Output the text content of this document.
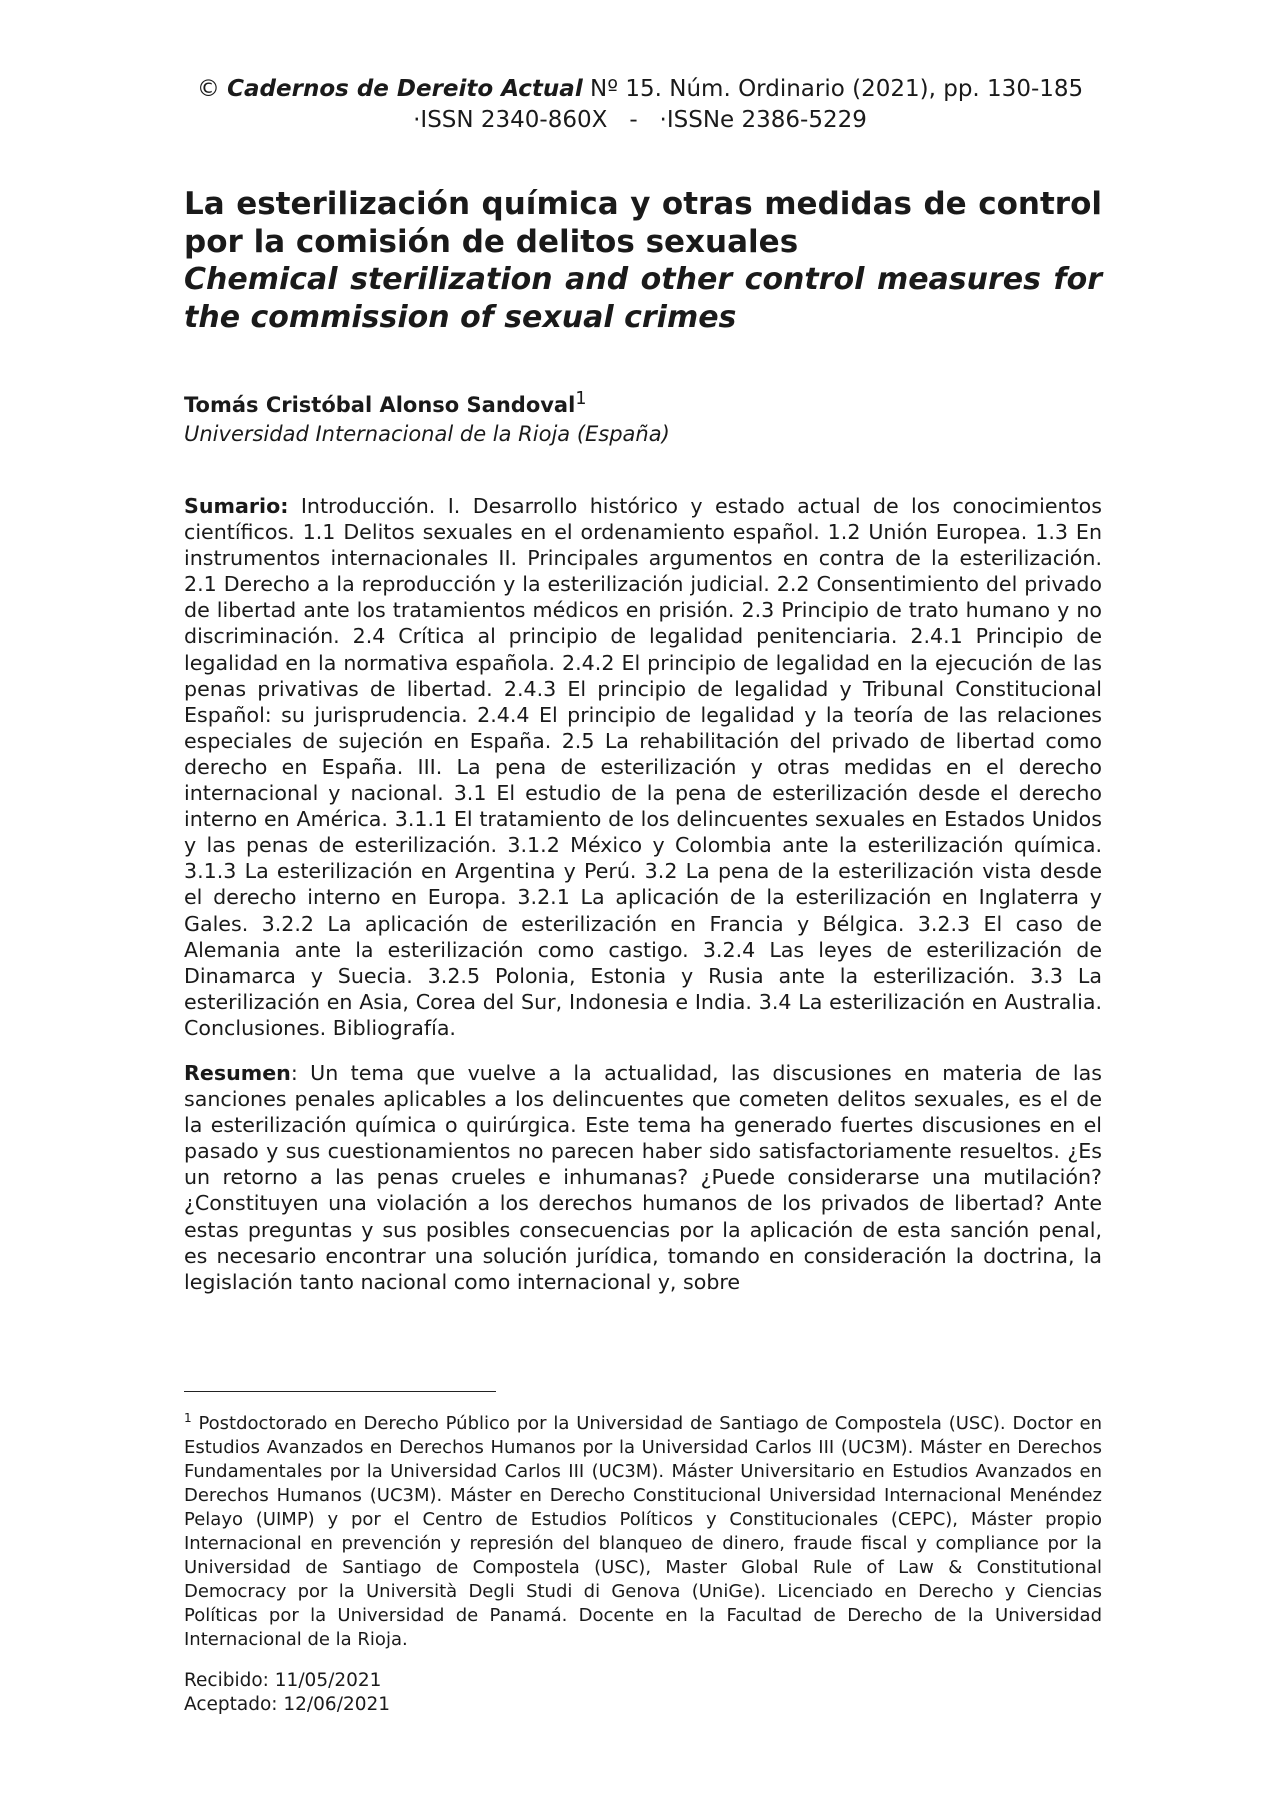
© Cadernos de Dereito Actual Nº 15. Núm. Ordinario (2021), pp. 130-185
·ISSN 2340-860X   -   ·ISSNe 2386-5229
La esterilización química y otras medidas de control por la comisión de delitos sexuales
Chemical sterilization and other control measures for the commission of sexual crimes
Tomás Cristóbal Alonso Sandoval$^1$
Universidad Internacional de la Rioja (España)

Sumario: Introducción. I. Desarrollo histórico y estado actual de los conocimientos científicos. 1.1 Delitos sexuales en el ordenamiento español. 1.2 Unión Europea. 1.3 En instrumentos internacionales II. Principales argumentos en contra de la esterilización. 2.1 Derecho a la reproducción y la esterilización judicial. 2.2 Consentimiento del privado de libertad ante los tratamientos médicos en prisión. 2.3 Principio de trato humano y no discriminación. 2.4 Crítica al principio de legalidad penitenciaria. 2.4.1 Principio de legalidad en la normativa española. 2.4.2 El principio de legalidad en la ejecución de las penas privativas de libertad. 2.4.3 El principio de legalidad y Tribunal Constitucional Español: su jurisprudencia. 2.4.4 El principio de legalidad y la teoría de las relaciones especiales de sujeción en España. 2.5 La rehabilitación del privado de libertad como derecho en España. III. La pena de esterilización y otras medidas en el derecho internacional y nacional. 3.1 El estudio de la pena de esterilización desde el derecho interno en América. 3.1.1 El tratamiento de los delincuentes sexuales en Estados Unidos y las penas de esterilización. 3.1.2 México y Colombia ante la esterilización química. 3.1.3 La esterilización en Argentina y Perú. 3.2 La pena de la esterilización vista desde el derecho interno en Europa. 3.2.1 La aplicación de la esterilización en Inglaterra y Gales. 3.2.2 La aplicación de esterilización en Francia y Bélgica. 3.2.3 El caso de Alemania ante la esterilización como castigo. 3.2.4 Las leyes de esterilización de Dinamarca y Suecia. 3.2.5 Polonia, Estonia y Rusia ante la esterilización. 3.3 La esterilización en Asia, Corea del Sur, Indonesia e India. 3.4 La esterilización en Australia. Conclusiones. Bibliografía.

Resumen: Un tema que vuelve a la actualidad, las discusiones en materia de las sanciones penales aplicables a los delincuentes que cometen delitos sexuales, es el de la esterilización química o quirúrgica. Este tema ha generado fuertes discusiones en el pasado y sus cuestionamientos no parecen haber sido satisfactoriamente resueltos. ¿Es un retorno a las penas crueles e inhumanas? ¿Puede considerarse una mutilación? ¿Constituyen una violación a los derechos humanos de los privados de libertad? Ante estas preguntas y sus posibles consecuencias por la aplicación de esta sanción penal, es necesario encontrar una solución jurídica, tomando en consideración la doctrina, la legislación tanto nacional como internacional y, sobre

$^1$ Postdoctorado en Derecho Público por la Universidad de Santiago de Compostela (USC). Doctor en Estudios Avanzados en Derechos Humanos por la Universidad Carlos III (UC3M). Máster en Derechos Fundamentales por la Universidad Carlos III (UC3M). Máster Universitario en Estudios Avanzados en Derechos Humanos (UC3M). Máster en Derecho Constitucional Universidad Internacional Menéndez Pelayo (UIMP) y por el Centro de Estudios Políticos y Constitucionales (CEPC), Máster propio Internacional en prevención y represión del blanqueo de dinero, fraude fiscal y compliance por la Universidad de Santiago de Compostela (USC), Master Global Rule of Law & Constitutional Democracy por la Università Degli Studi di Genova (UniGe). Licenciado en Derecho y Ciencias Políticas por la Universidad de Panamá. Docente en la Facultad de Derecho de la Universidad Internacional de la Rioja.

Recibido: 11/05/2021
Aceptado: 12/06/2021
